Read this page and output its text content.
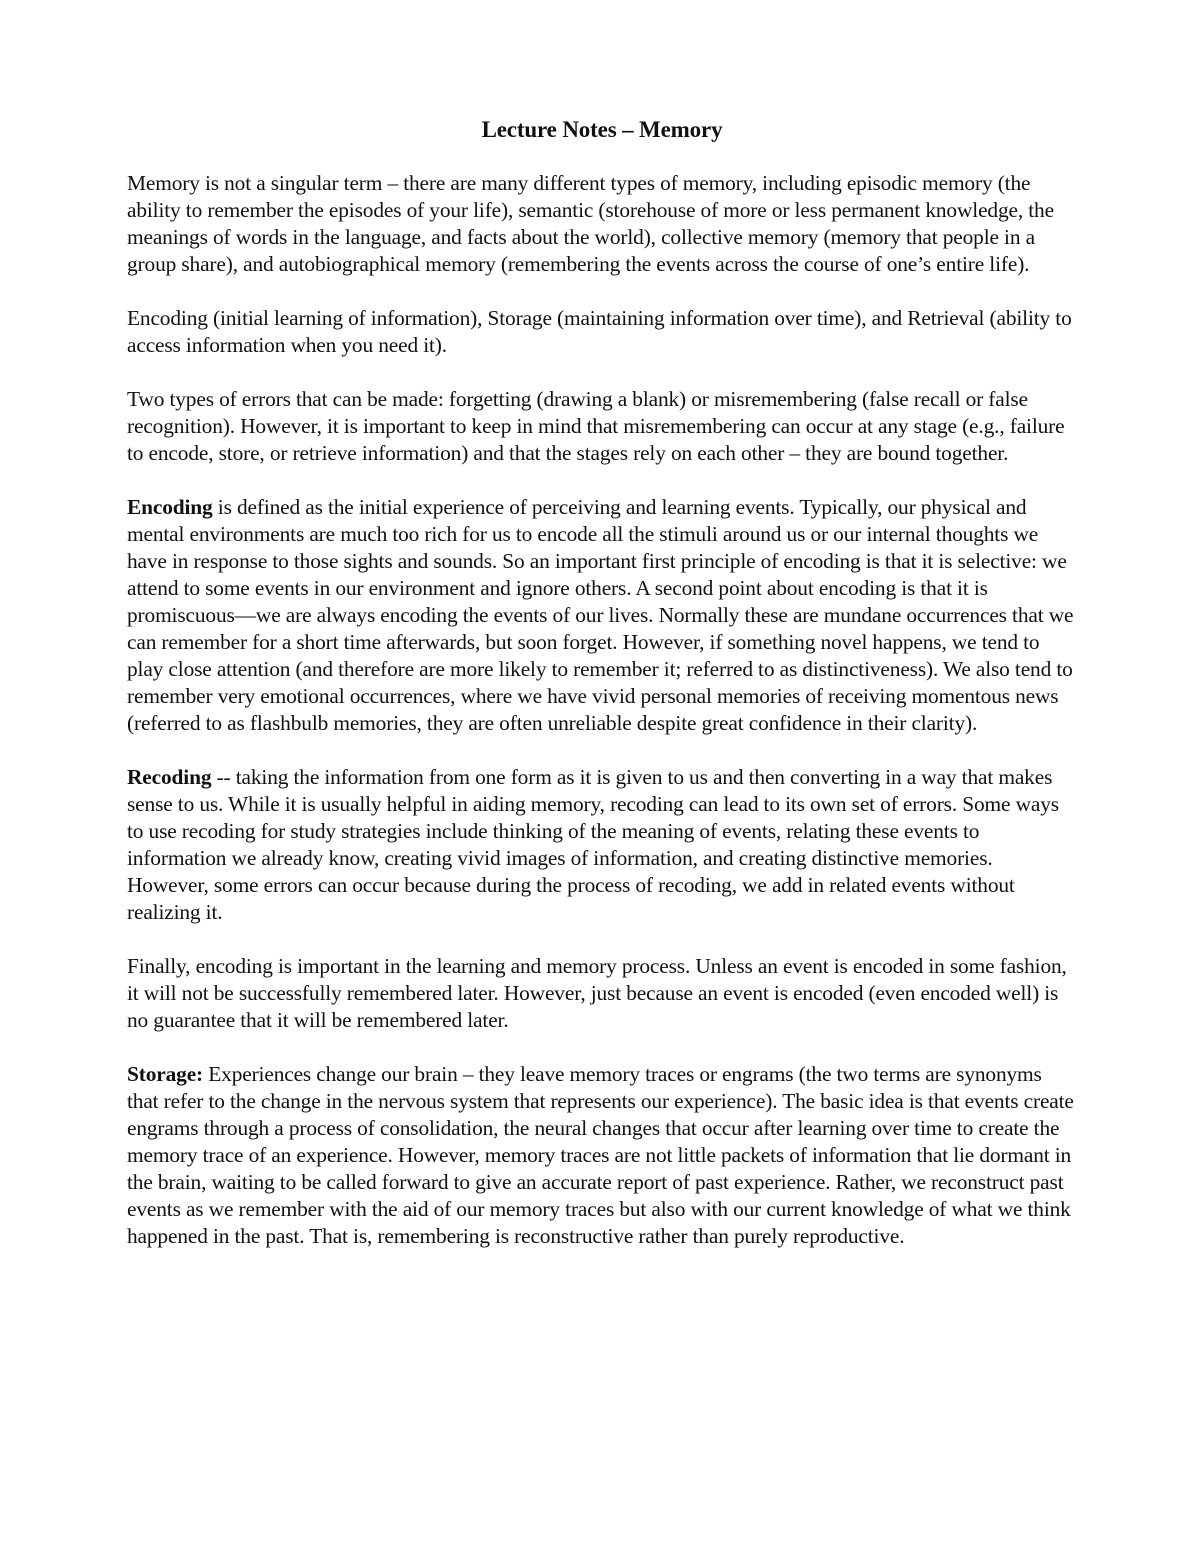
Lecture Notes – Memory

Memory is not a singular term – there are many different types of memory, including episodic memory (the ability to remember the episodes of your life), semantic (storehouse of more or less permanent knowledge, the meanings of words in the language, and facts about the world), collective memory (memory that people in a group share), and autobiographical memory (remembering the events across the course of one’s entire life).

Encoding (initial learning of information), Storage (maintaining information over time), and Retrieval (ability to access information when you need it).

Two types of errors that can be made: forgetting (drawing a blank) or misremembering (false recall or false recognition). However, it is important to keep in mind that misremembering can occur at any stage (e.g., failure to encode, store, or retrieve information) and that the stages rely on each other – they are bound together.

Encoding is defined as the initial experience of perceiving and learning events. Typically, our physical and mental environments are much too rich for us to encode all the stimuli around us or our internal thoughts we have in response to those sights and sounds. So an important first principle of encoding is that it is selective: we attend to some events in our environment and ignore others. A second point about encoding is that it is promiscuous—we are always encoding the events of our lives. Normally these are mundane occurrences that we can remember for a short time afterwards, but soon forget. However, if something novel happens, we tend to play close attention (and therefore are more likely to remember it; referred to as distinctiveness). We also tend to remember very emotional occurrences, where we have vivid personal memories of receiving momentous news (referred to as flashbulb memories, they are often unreliable despite great confidence in their clarity).

Recoding -- taking the information from one form as it is given to us and then converting in a way that makes sense to us. While it is usually helpful in aiding memory, recoding can lead to its own set of errors. Some ways to use recoding for study strategies include thinking of the meaning of events, relating these events to information we already know, creating vivid images of information, and creating distinctive memories. However, some errors can occur because during the process of recoding, we add in related events without realizing it.

Finally, encoding is important in the learning and memory process. Unless an event is encoded in some fashion, it will not be successfully remembered later. However, just because an event is encoded (even encoded well) is no guarantee that it will be remembered later.

Storage: Experiences change our brain – they leave memory traces or engrams (the two terms are synonyms that refer to the change in the nervous system that represents our experience). The basic idea is that events create engrams through a process of consolidation, the neural changes that occur after learning over time to create the memory trace of an experience. However, memory traces are not little packets of information that lie dormant in the brain, waiting to be called forward to give an accurate report of past experience. Rather, we reconstruct past events as we remember with the aid of our memory traces but also with our current knowledge of what we think happened in the past. That is, remembering is reconstructive rather than purely reproductive.
